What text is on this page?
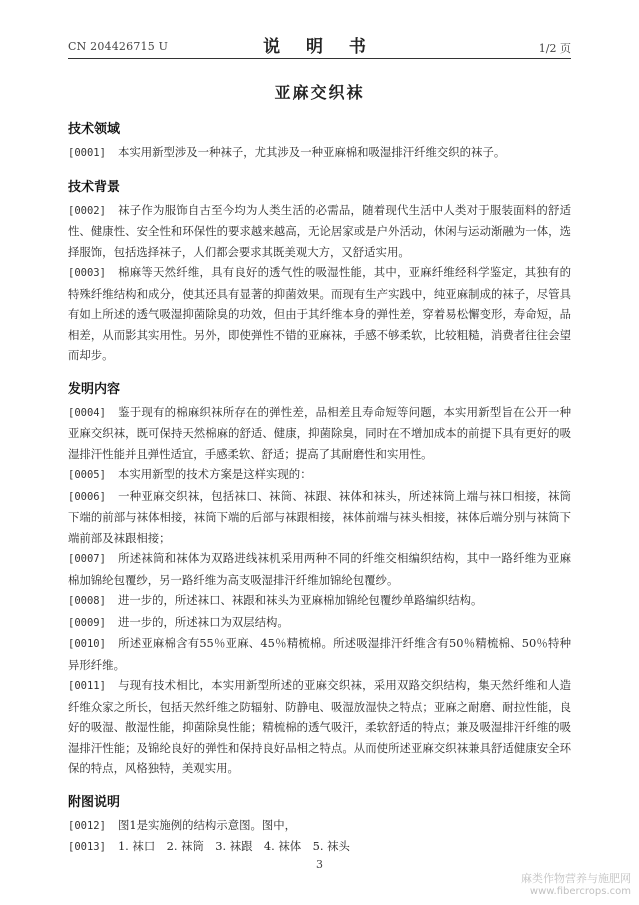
CN 204426715 U	说 明 书	1/2 页
亚麻交织袜
技术领域

[0001] 本实用新型涉及一种袜子，尤其涉及一种亚麻棉和吸湿排汗纤维交织的袜子。

技术背景

[0002] 袜子作为服饰自古至今均为人类生活的必需品，随着现代生活中人类对于服装面料的舒适性、健康性、安全性和环保性的要求越来越高，无论居家或是户外活动，休闲与运动渐融为一体，选择服饰，包括选择袜子，人们都会要求其既美观大方，又舒适实用。

[0003] 棉麻等天然纤维，具有良好的透气性的吸湿性能，其中，亚麻纤维经科学鉴定，其独有的特殊纤维结构和成分，使其还具有显著的抑菌效果。而现有生产实践中，纯亚麻制成的袜子，尽管具有如上所述的透气吸湿抑菌除臭的功效，但由于其纤维本身的弹性差，穿着易松懈变形，寿命短，品相差，从而影其实用性。另外，即使弹性不错的亚麻袜，手感不够柔软，比较粗糙，消费者往往会望而却步。

发明内容

[0004] 鉴于现有的棉麻织袜所存在的弹性差，品相差且寿命短等问题，本实用新型旨在公开一种亚麻交织袜，既可保持天然棉麻的舒适、健康，抑菌除臭，同时在不增加成本的前提下具有更好的吸湿排汗性能并且弹性适宜，手感柔软、舒适；提高了其耐磨性和实用性。

[0005] 本实用新型的技术方案是这样实现的：

[0006] 一种亚麻交织袜，包括袜口、袜筒、袜跟、袜体和袜头，所述袜筒上端与袜口相接，袜筒下端的前部与袜体相接，袜筒下端的后部与袜跟相接，袜体前端与袜头相接，袜体后端分别与袜筒下端前部及袜跟相接；

[0007] 所述袜筒和袜体为双路进线袜机采用两种不同的纤维交相编织结构，其中一路纤维为亚麻棉加锦纶包覆纱，另一路纤维为高支吸湿排汗纤维加锦纶包覆纱。

[0008] 进一步的，所述袜口、袜跟和袜头为亚麻棉加锦纶包覆纱单路编织结构。

[0009] 进一步的，所述袜口为双层结构。

[0010] 所述亚麻棉含有55％亚麻、45％精梳棉。所述吸湿排汗纤维含有50％精梳棉、50％特种异形纤维。

[0011] 与现有技术相比，本实用新型所述的亚麻交织袜，采用双路交织结构，集天然纤维和人造纤维众家之所长，包括天然纤维之防辐射、防静电、吸湿放湿快之特点；亚麻之耐磨、耐拉性能，良好的吸湿、散湿性能，抑菌除臭性能；精梳棉的透气吸汗，柔软舒适的特点；兼及吸湿排汗纤维的吸湿排汗性能；及锦纶良好的弹性和保持良好品相之特点。从而使所述亚麻交织袜兼具舒适健康安全环保的特点，风格独特，美观实用。

附图说明

[0012] 图1是实施例的结构示意图。图中，

[0013] 1. 袜口　2. 袜筒　3. 袜跟　4. 袜体　5. 袜头

3
麻类作物营养与施肥网
www.fibercrops.com
